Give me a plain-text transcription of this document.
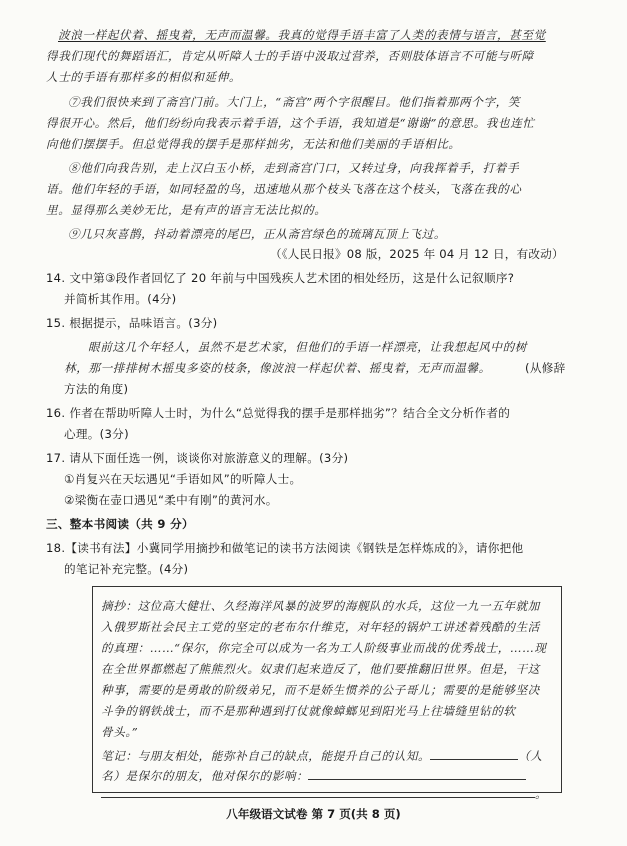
波浪一样起伏着、摇曳着，无声而温馨。我真的觉得手语丰富了人类的表情与语言，甚至觉
得我们现代的舞蹈语汇，肯定从听障人士的手语中汲取过营养，否则肢体语言不可能与听障
人士的手语有那样多的相似和延伸。
⑦我们很快来到了斋宫门前。大门上，“斋宫”两个字很醒目。他们指着那两个字，笑
得很开心。然后，他们纷纷向我表示着手语，这个手语，我知道是“谢谢”的意思。我也连忙
向他们摆摆手。但总觉得我的摆手是那样拙劣，无法和他们美丽的手语相比。
⑧他们向我告别，走上汉白玉小桥，走到斋宫门口，又转过身，向我挥着手，打着手
语。他们年轻的手语，如同轻盈的鸟，迅速地从那个枝头飞落在这个枝头，飞落在我的心
里。显得那么美妙无比，是有声的语言无法比拟的。
⑨几只灰喜鹊，抖动着漂亮的尾巴，正从斋宫绿色的琉璃瓦顶上飞过。
（《人民日报》08 版，2025 年 04 月 12 日，有改动）
14. 文中第③段作者回忆了 20 年前与中国残疾人艺术团的相处经历，这是什么记叙顺序?
并简析其作用。(4分)
15. 根据提示，品味语言。(3分)
眼前这几个年轻人，虽然不是艺术家，但他们的手语一样漂亮，让我想起风中的树
林，那一排排树木摇曳多姿的枝条，像波浪一样起伏着、摇曳着，无声而温馨。	(从修辞
方法的角度)
16. 作者在帮助听障人士时，为什么“总觉得我的摆手是那样拙劣”？结合全文分析作者的
心理。(3分)
17. 请从下面任选一例，谈谈你对旅游意义的理解。(3分)
①肖复兴在天坛遇见“手语如风”的听障人士。
②梁衡在壶口遇见“柔中有刚”的黄河水。
三、整本书阅读（共 9 分）
18.【读书有法】小冀同学用摘抄和做笔记的读书方法阅读《钢铁是怎样炼成的》，请你把他
的笔记补充完整。(4分)
摘抄：这位高大健壮、久经海洋风暴的波罗的海舰队的水兵，这位一九一五年就加
入俄罗斯社会民主工党的坚定的老布尔什维克，对年轻的锅炉工讲述着残酷的生活
的真理：……“保尔，你完全可以成为一名为工人阶级事业而战的优秀战士，……现
在全世界都燃起了熊熊烈火。奴隶们起来造反了，他们要推翻旧世界。但是，干这
种事，需要的是勇敢的阶级弟兄，而不是娇生惯养的公子哥儿；需要的是能够坚决
斗争的钢铁战士，而不是那种遇到打仗就像蟑螂见到阳光马上往墙缝里钻的软
骨头。”
笔记：与朋友相处，能弥补自己的缺点，能提升自己的认知。	（人
名）是保尔的朋友，他对保尔的影响：
。
八年级语文试卷 第 7 页(共 8 页)
